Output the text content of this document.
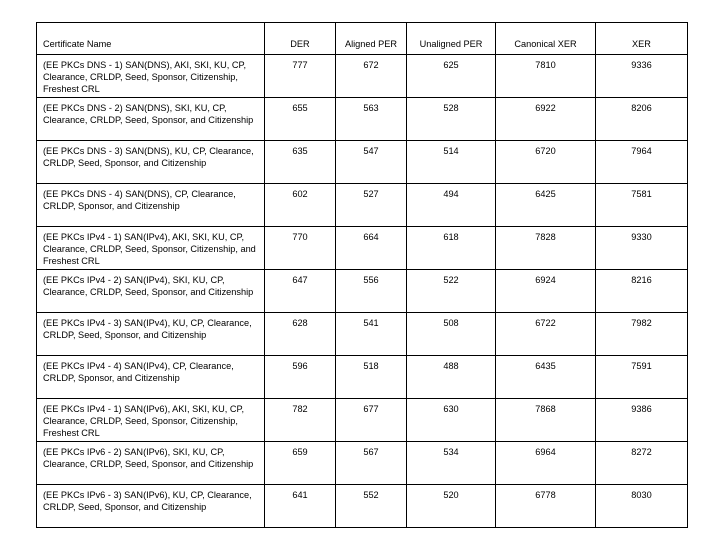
Certificate Name	DER	Aligned PER	Unaligned PER	Canonical XER	XER
(EE PKCs DNS - 1) SAN(DNS), AKI, SKI, KU, CP, Clearance, CRLDP, Seed, Sponsor, Citizenship, Freshest CRL	777	672	625	7810	9336
(EE PKCs DNS - 2) SAN(DNS), SKI, KU, CP, Clearance, CRLDP, Seed, Sponsor, and Citizenship	655	563	528	6922	8206
(EE PKCs DNS - 3) SAN(DNS), KU, CP, Clearance, CRLDP, Seed, Sponsor, and Citizenship	635	547	514	6720	7964
(EE PKCs DNS - 4) SAN(DNS), CP, Clearance, CRLDP, Sponsor, and Citizenship	602	527	494	6425	7581
(EE PKCs IPv4 - 1) SAN(IPv4), AKI, SKI, KU, CP, Clearance, CRLDP, Seed, Sponsor, Citizenship, and Freshest CRL	770	664	618	7828	9330
(EE PKCs IPv4 - 2) SAN(IPv4), SKI, KU, CP, Clearance, CRLDP, Seed, Sponsor, and Citizenship	647	556	522	6924	8216
(EE PKCs IPv4 - 3) SAN(IPv4), KU, CP, Clearance, CRLDP, Seed, Sponsor, and Citizenship	628	541	508	6722	7982
(EE PKCs IPv4 - 4) SAN(IPv4), CP, Clearance, CRLDP, Sponsor, and Citizenship	596	518	488	6435	7591
(EE PKCs IPv4 - 1) SAN(IPv6), AKI, SKI, KU, CP, Clearance, CRLDP, Seed, Sponsor, Citizenship, Freshest CRL	782	677	630	7868	9386
(EE PKCs IPv6 - 2) SAN(IPv6), SKI, KU, CP, Clearance, CRLDP, Seed, Sponsor, and Citizenship	659	567	534	6964	8272
(EE PKCs IPv6 - 3) SAN(IPv6), KU, CP, Clearance, CRLDP, Seed, Sponsor, and Citizenship	641	552	520	6778	8030
